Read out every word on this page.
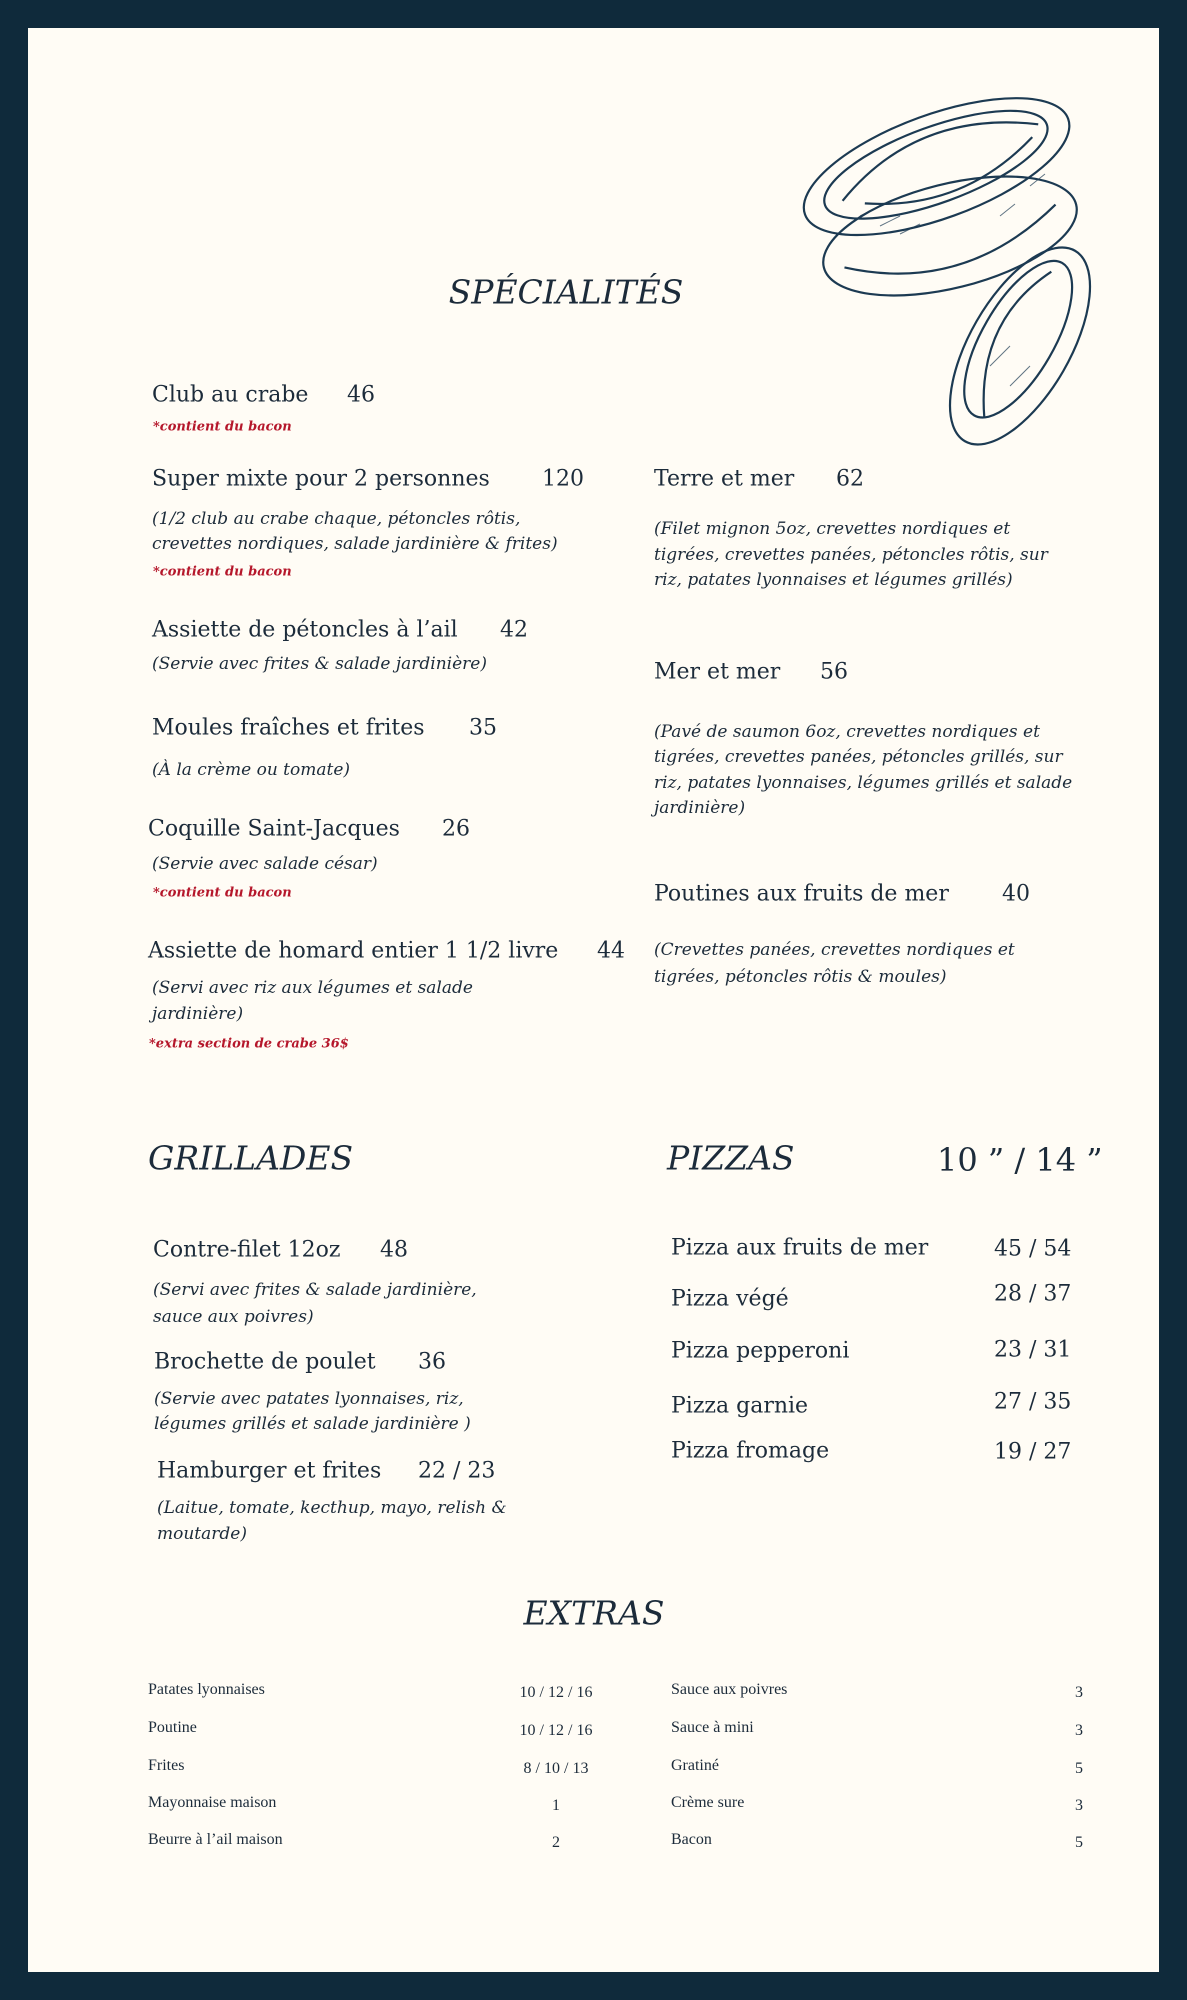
SPÉCIALITÉS
Club au crabe 46
*contient du bacon
Super mixte pour 2 personnes 120
(1/2 club au crabe chaque, pétoncles rôtis,
crevettes nordiques, salade jardinière & frites)
*contient du bacon
Assiette de pétoncles à l’ail 42
(Servie avec frites & salade jardinière)
Moules fraîches et frites 35
(À la crème ou tomate)
Coquille Saint-Jacques 26
(Servie avec salade césar)
*contient du bacon
Assiette de homard entier 1 1/2 livre 44
(Servi avec riz aux légumes et salade
jardinière)
*extra section de crabe 36$
Terre et mer 62
(Filet mignon 5oz, crevettes nordiques et
tigrées, crevettes panées, pétoncles rôtis, sur
riz, patates lyonnaises et légumes grillés)
Mer et mer 56
(Pavé de saumon 6oz, crevettes nordiques et
tigrées, crevettes panées, pétoncles grillés, sur
riz, patates lyonnaises, légumes grillés et salade
jardinière)
Poutines aux fruits de mer 40
(Crevettes panées, crevettes nordiques et
tigrées, pétoncles rôtis & moules)
GRILLADES
Contre-filet 12oz 48
(Servi avec frites & salade jardinière,
sauce aux poivres)
Brochette de poulet 36
(Servie avec patates lyonnaises, riz,
légumes grillés et salade jardinière )
Hamburger et frites 22 / 23
(Laitue, tomate, kecthup, mayo, relish &
moutarde)
PIZZAS	10 ” / 14 ”
Pizza aux fruits de mer	45 / 54
Pizza végé	28 / 37
Pizza pepperoni	23 / 31
Pizza garnie	27 / 35
Pizza fromage	19 / 27
EXTRAS
Patates lyonnaises	10 / 12 / 16
Poutine	10 / 12 / 16
Frites	8 / 10 / 13
Mayonnaise maison	1
Beurre à l’ail maison	2
Sauce aux poivres	3
Sauce à mini	3
Gratiné	5
Crème sure	3
Bacon	5
